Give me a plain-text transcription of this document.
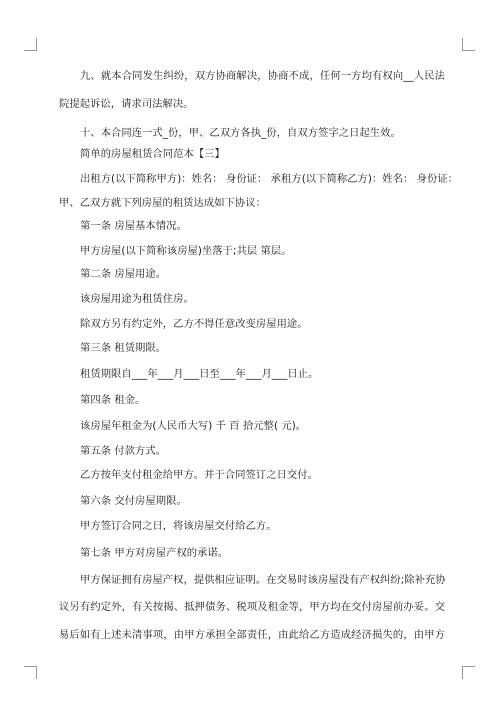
九、就本合同发生纠纷，双方协商解决，协商不成，任何一方均有权向__人民法
院提起诉讼，请求司法解决。
十、本合同连一式_份，甲、乙双方各执_份，自双方签字之日起生效。
简单的房屋租赁合同范本【三】
出租方(以下简称甲方)：姓名： 身份证： 承租方(以下简称乙方)：姓名： 身份证：
甲、乙双方就下列房屋的租赁达成如下协议：
第一条 房屋基本情况。
甲方房屋(以下简称该房屋)坐落于;共层 第层。
第二条 房屋用途。
该房屋用途为租赁住房。
除双方另有约定外，乙方不得任意改变房屋用途。
第三条 租赁期限。
租赁期限自___年___月___日至___年___月___日止。
第四条 租金。
该房屋年租金为(人民币大写) 千 百 拾元整( 元)。
第五条 付款方式。
乙方按年支付租金给甲方。并于合同签订之日交付。
第六条 交付房屋期限。
甲方签订合同之日，将该房屋交付给乙方。
第七条 甲方对房屋产权的承诺。
甲方保证拥有房屋产权，提供相应证明。在交易时该房屋没有产权纠纷;除补充协
议另有约定外，有关按揭、抵押债务、税项及租金等，甲方均在交付房屋前办妥。交
易后如有上述未清事项，由甲方承担全部责任，由此给乙方造成经济损失的，由甲方
